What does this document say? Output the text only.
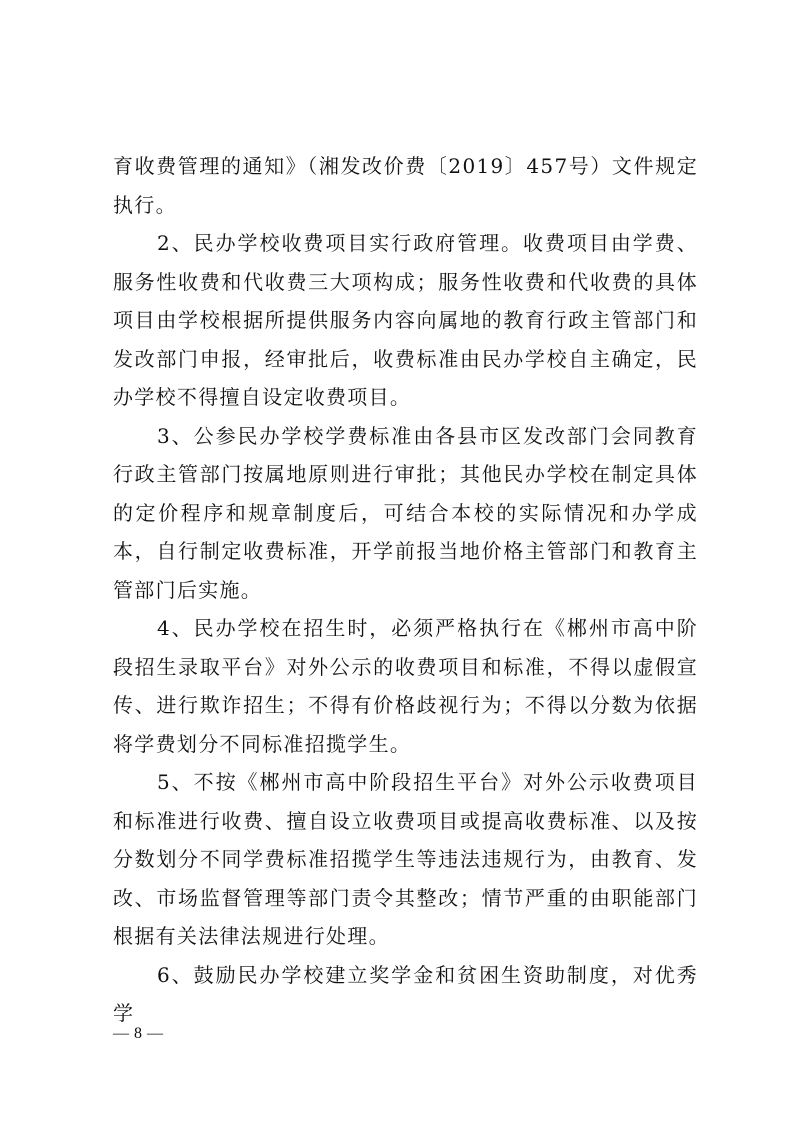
育收费管理的通知》（湘发改价费〔2019〕457号）文件规定执行。

2、民办学校收费项目实行政府管理。收费项目由学费、服务性收费和代收费三大项构成；服务性收费和代收费的具体项目由学校根据所提供服务内容向属地的教育行政主管部门和发改部门申报，经审批后，收费标准由民办学校自主确定，民办学校不得擅自设定收费项目。

3、公参民办学校学费标准由各县市区发改部门会同教育行政主管部门按属地原则进行审批；其他民办学校在制定具体的定价程序和规章制度后，可结合本校的实际情况和办学成本，自行制定收费标准，开学前报当地价格主管部门和教育主管部门后实施。

4、民办学校在招生时，必须严格执行在《郴州市高中阶段招生录取平台》对外公示的收费项目和标准，不得以虚假宣传、进行欺诈招生；不得有价格歧视行为；不得以分数为依据将学费划分不同标准招揽学生。

5、不按《郴州市高中阶段招生平台》对外公示收费项目和标准进行收费、擅自设立收费项目或提高收费标准、以及按分数划分不同学费标准招揽学生等违法违规行为，由教育、发改、市场监督管理等部门责令其整改；情节严重的由职能部门根据有关法律法规进行处理。

6、鼓励民办学校建立奖学金和贫困生资助制度，对优秀学

— 8 —
